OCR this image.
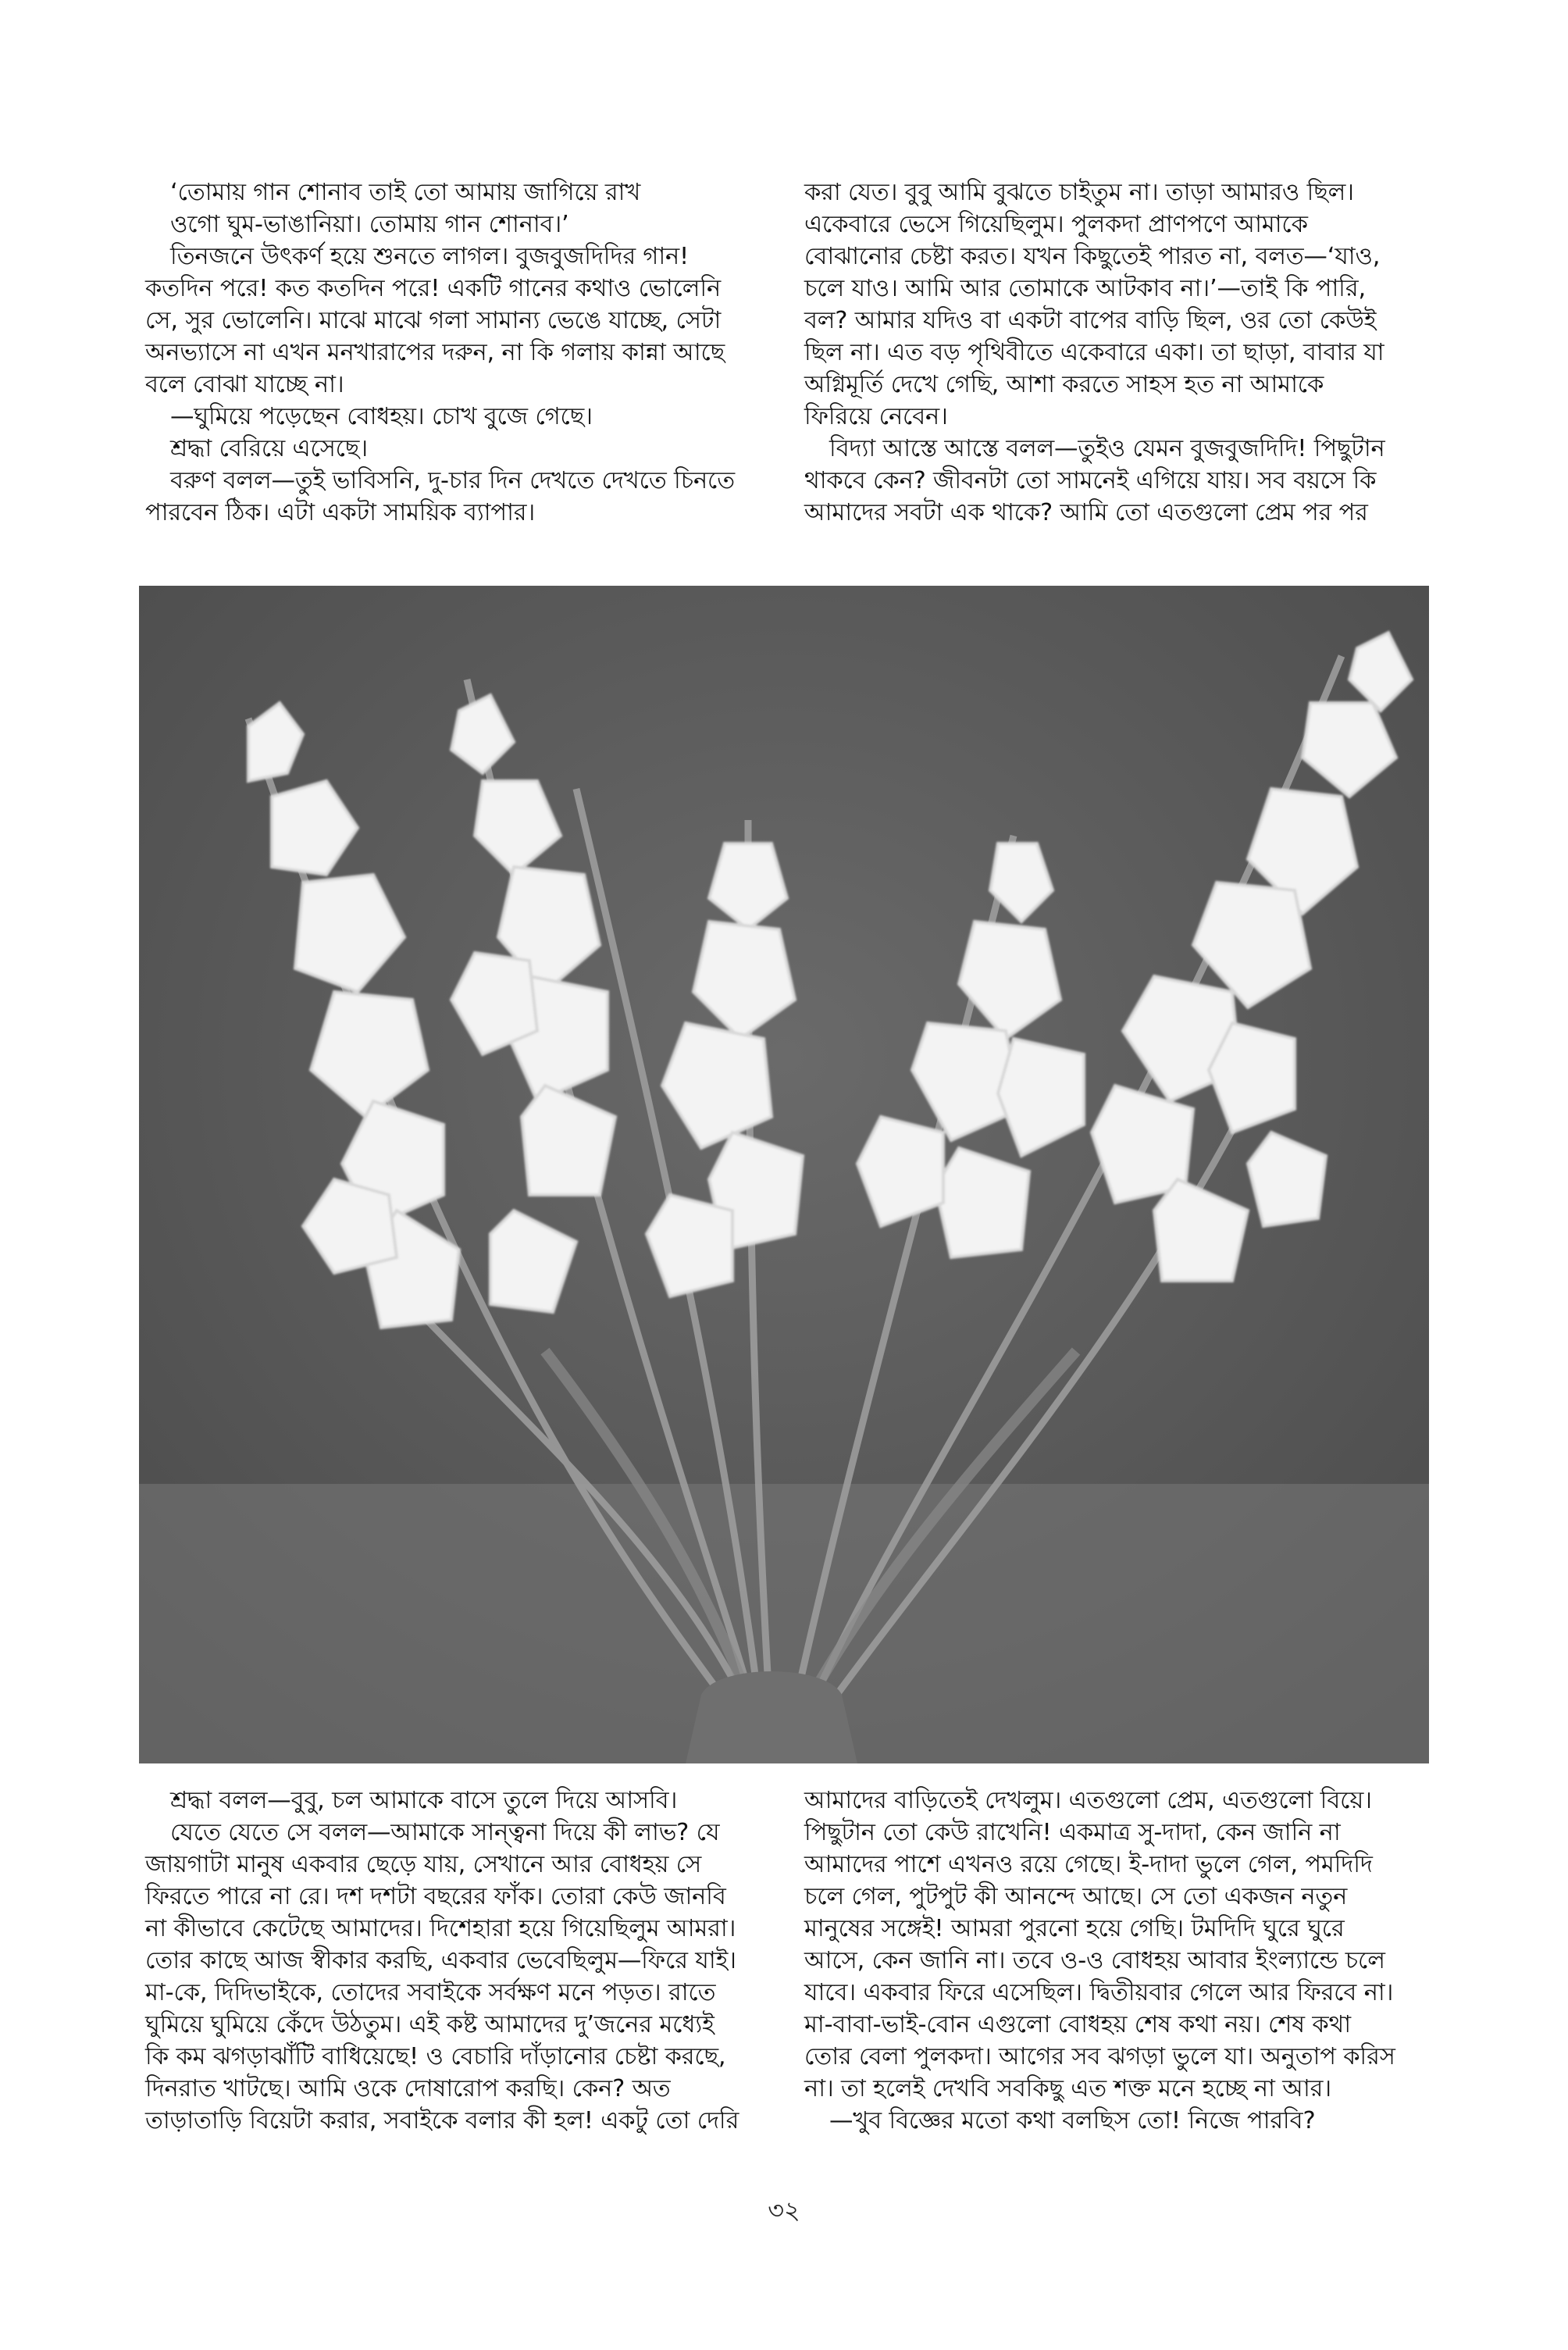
‘তোমায় গান শোনাব তাই তো আমায় জাগিয়ে রাখ

ওগো ঘুম-ভাঙানিয়া। তোমায় গান শোনাব।’

তিনজনে উৎকর্ণ হয়ে শুনতে লাগল। বুজবুজদিদির গান!

কতদিন পরে! কত কতদিন পরে! একটি গানের কথাও ভোলেনি

সে, সুর ভোলেনি। মাঝে মাঝে গলা সামান্য ভেঙে যাচ্ছে, সেটা

অনভ্যাসে না এখন মনখারাপের দরুন, না কি গলায় কান্না আছে

বলে বোঝা যাচ্ছে না।

—ঘুমিয়ে পড়েছেন বোধহয়। চোখ বুজে গেছে।

শ্রদ্ধা বেরিয়ে এসেছে।

বরুণ বলল—তুই ভাবিসনি, দু-চার দিন দেখতে দেখতে চিনতে

পারবেন ঠিক। এটা একটা সাময়িক ব্যাপার।

করা যেত। বুবু আমি বুঝতে চাইতুম না। তাড়া আমারও ছিল।

একেবারে ভেসে গিয়েছিলুম। পুলকদা প্রাণপণে আমাকে

বোঝানোর চেষ্টা করত। যখন কিছুতেই পারত না, বলত—‘যাও,

চলে যাও। আমি আর তোমাকে আটকাব না।’—তাই কি পারি,

বল? আমার যদিও বা একটা বাপের বাড়ি ছিল, ওর তো কেউই

ছিল না। এত বড় পৃথিবীতে একেবারে একা। তা ছাড়া, বাবার যা

অগ্নিমূর্তি দেখে গেছি, আশা করতে সাহস হত না আমাকে

ফিরিয়ে নেবেন।

বিদ্যা আস্তে আস্তে বলল—তুইও যেমন বুজবুজদিদি! পিছুটান

থাকবে কেন? জীবনটা তো সামনেই এগিয়ে যায়। সব বয়সে কি

আমাদের সবটা এক থাকে? আমি তো এতগুলো প্রেম পর পর

শ্রদ্ধা বলল—বুবু, চল আমাকে বাসে তুলে দিয়ে আসবি।

যেতে যেতে সে বলল—আমাকে সান্ত্বনা দিয়ে কী লাভ? যে

জায়গাটা মানুষ একবার ছেড়ে যায়, সেখানে আর বোধহয় সে

ফিরতে পারে না রে। দশ দশটা বছরের ফাঁক। তোরা কেউ জানবি

না কীভাবে কেটেছে আমাদের। দিশেহারা হয়ে গিয়েছিলুম আমরা।

তোর কাছে আজ স্বীকার করছি, একবার ভেবেছিলুম—ফিরে যাই।

মা-কে, দিদিভাইকে, তোদের সবাইকে সর্বক্ষণ মনে পড়ত। রাতে

ঘুমিয়ে ঘুমিয়ে কেঁদে উঠতুম। এই কষ্ট আমাদের দু’জনের মধ্যেই

কি কম ঝগড়াঝাঁটি বাধিয়েছে! ও বেচারি দাঁড়ানোর চেষ্টা করছে,

দিনরাত খাটছে। আমি ওকে দোষারোপ করছি। কেন? অত

তাড়াতাড়ি বিয়েটা করার, সবাইকে বলার কী হল! একটু তো দেরি

আমাদের বাড়িতেই দেখলুম। এতগুলো প্রেম, এতগুলো বিয়ে।

পিছুটান তো কেউ রাখেনি! একমাত্র সু-দাদা, কেন জানি না

আমাদের পাশে এখনও রয়ে গেছে। ই-দাদা ভুলে গেল, পমদিদি

চলে গেল, পুটপুট কী আনন্দে আছে। সে তো একজন নতুন

মানুষের সঙ্গেই! আমরা পুরনো হয়ে গেছি। টমদিদি ঘুরে ঘুরে

আসে, কেন জানি না। তবে ও-ও বোধহয় আবার ইংল্যান্ডে চলে

যাবে। একবার ফিরে এসেছিল। দ্বিতীয়বার গেলে আর ফিরবে না।

মা-বাবা-ভাই-বোন এগুলো বোধহয় শেষ কথা নয়। শেষ কথা

তোর বেলা পুলকদা। আগের সব ঝগড়া ভুলে যা। অনুতাপ করিস

না। তা হলেই দেখবি সবকিছু এত শক্ত মনে হচ্ছে না আর।

—খুব বিজ্ঞের মতো কথা বলছিস তো! নিজে পারবি?

৩২
